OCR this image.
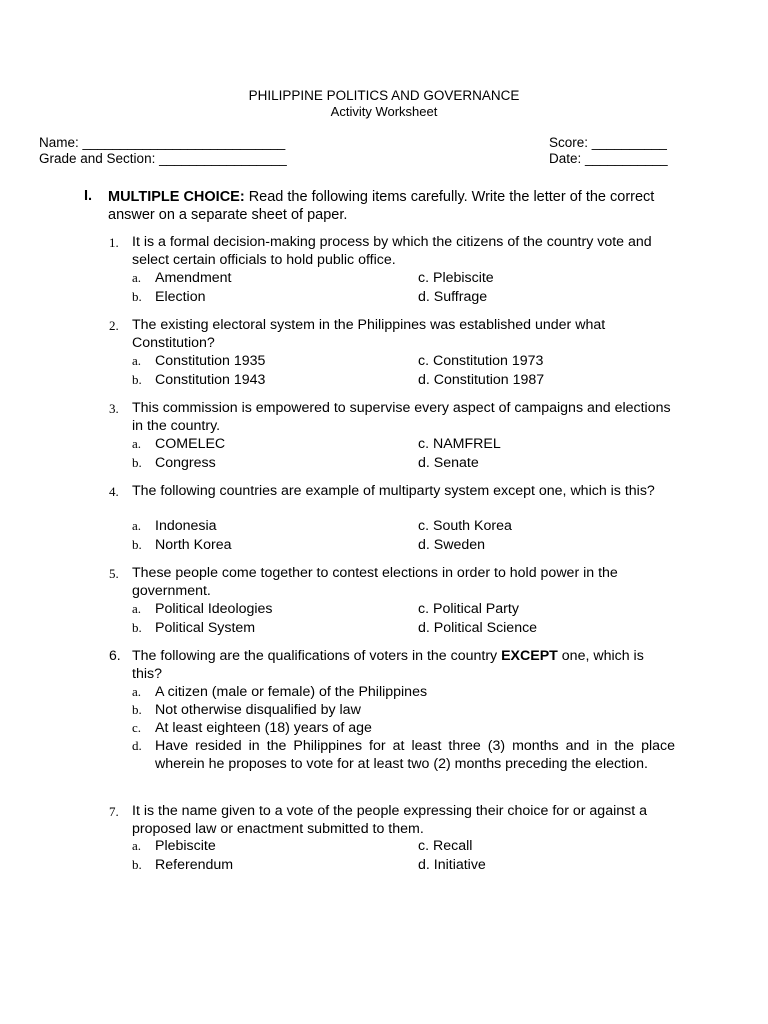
PHILIPPINE POLITICS AND GOVERNANCE
Activity Worksheet
Name: ___________________________
Grade and Section: _________________
Score: __________
Date: ___________
I. MULTIPLE CHOICE: Read the following items carefully. Write the letter of the correct answer on a separate sheet of paper.
1. It is a formal decision-making process by which the citizens of the country vote and select certain officials to hold public office.
a. Amendment
b. Election
c. Plebiscite
d. Suffrage
2. The existing electoral system in the Philippines was established under what Constitution?
a. Constitution 1935
b. Constitution 1943
c. Constitution 1973
d. Constitution 1987
3. This commission is empowered to supervise every aspect of campaigns and elections in the country.
a. COMELEC
b. Congress
c. NAMFREL
d. Senate
4. The following countries are example of multiparty system except one, which is this?
a. Indonesia
b. North Korea
c. South Korea
d. Sweden
5. These people come together to contest elections in order to hold power in the government.
a. Political Ideologies
b. Political System
c. Political Party
d. Political Science
6. The following are the qualifications of voters in the country EXCEPT one, which is this?
a. A citizen (male or female) of the Philippines
b. Not otherwise disqualified by law
c. At least eighteen (18) years of age
d. Have resided in the Philippines for at least three (3) months and in the place wherein he proposes to vote for at least two (2) months preceding the election.
7. It is the name given to a vote of the people expressing their choice for or against a proposed law or enactment submitted to them.
a. Plebiscite
b. Referendum
c. Recall
d. Initiative
